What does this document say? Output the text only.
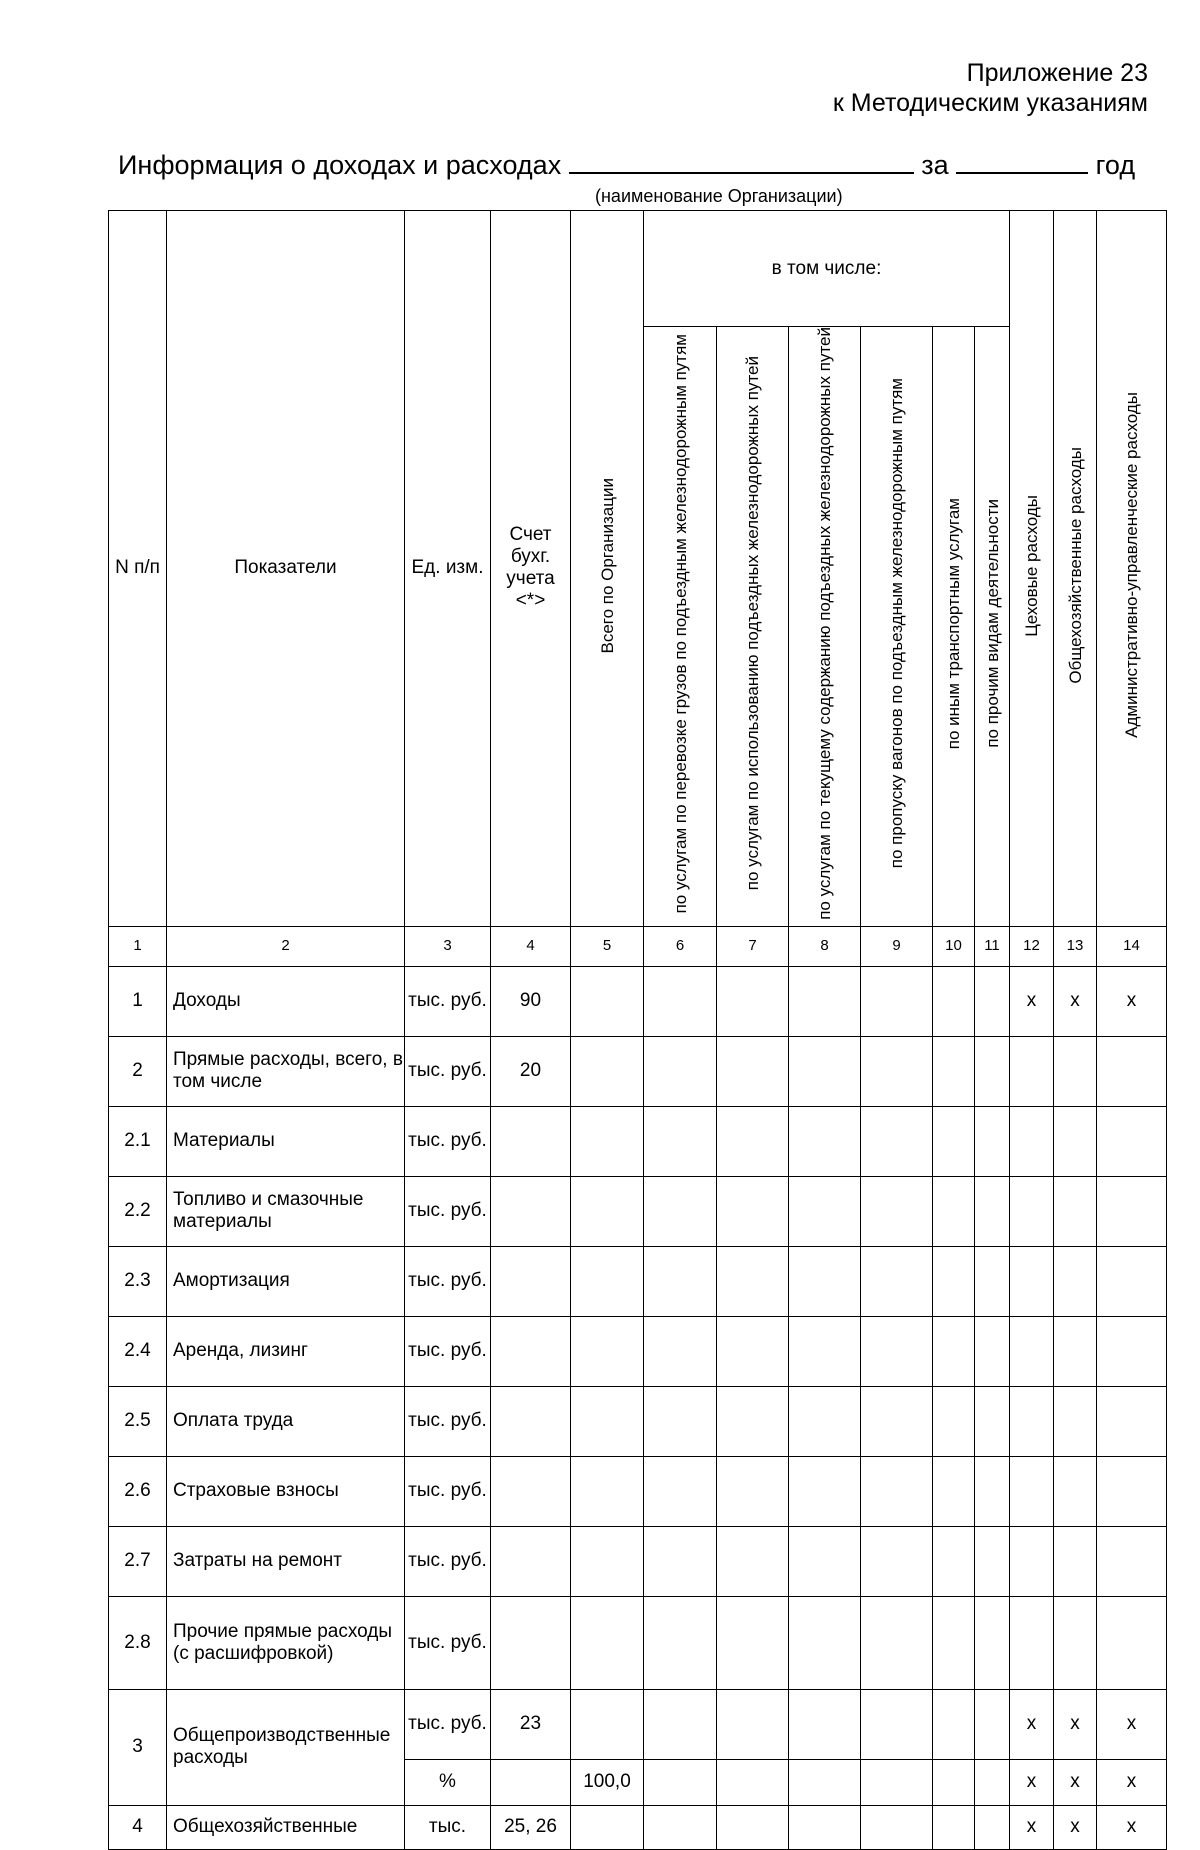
Приложение 23
к Методическим указаниям
Информация о доходах и расходах	за	год
(наименование Организации)
N п/п	Показатели	Ед. изм.	Счет бухг. учета <*>	Всего по Организации	в том числе:						Цеховые расходы	Общехозяйственные расходы	Административно-управленческие расходы
					по услугам по перевозке грузов по подъездным железнодорожным путям	по услугам по использованию подъездных железнодорожных путей	по услугам по текущему содержанию подъездных железнодорожных путей	по пропуску вагонов по подъездным железнодорожным путям	по иным транспортным услугам	по прочим видам деятельности			
1	2	3	4	5	6	7	8	9	10	11	12	13	14
1	Доходы	тыс. руб.	90								x	x	x
2	Прямые расходы, всего, в том числе	тыс. руб.	20										
2.1	Материалы	тыс. руб.											
2.2	Топливо и смазочные материалы	тыс. руб.											
2.3	Амортизация	тыс. руб.											
2.4	Аренда, лизинг	тыс. руб.											
2.5	Оплата труда	тыс. руб.											
2.6	Страховые взносы	тыс. руб.											
2.7	Затраты на ремонт	тыс. руб.											
2.8	Прочие прямые расходы (с расшифровкой)	тыс. руб.											
3	Общепроизводственные расходы	тыс. руб.	23								x	x	x
		%		100,0							x	x	x
4	Общехозяйственные	тыс.	25, 26								x	x	x
